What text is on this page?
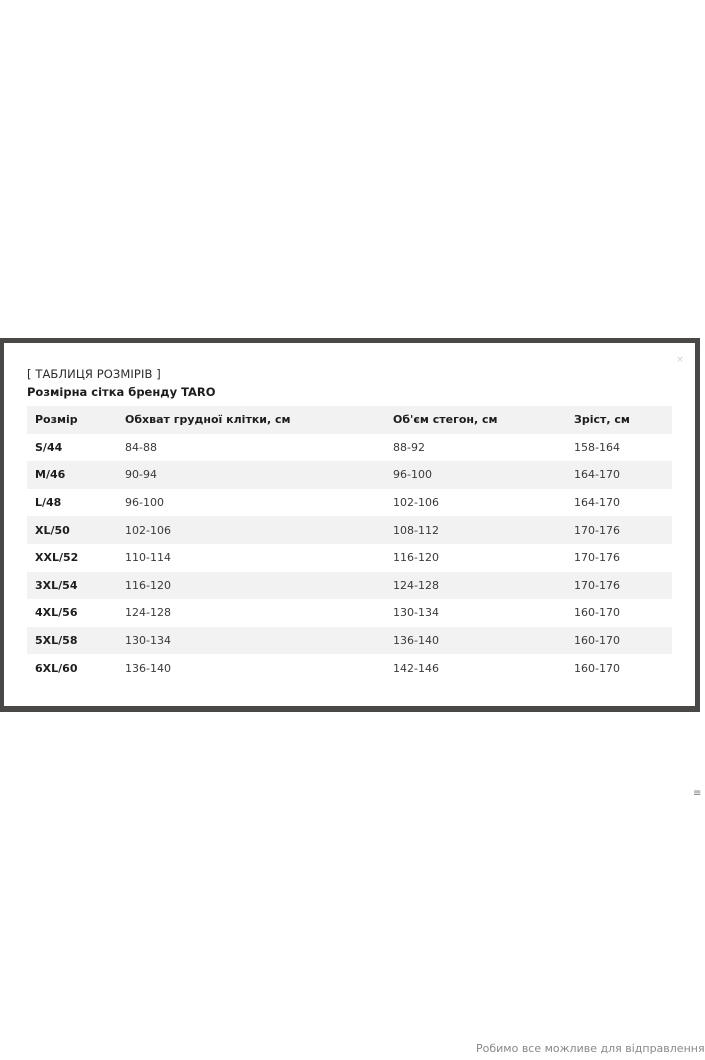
≡
Робимо все можливе для відправлення
×
[ ТАБЛИЦЯ РОЗМІРІВ ]
Розмірна сітка бренду TARO
Розмір	Обхват грудної клітки, см	Об'єм стегон, см	Зріст, см
S/44	84-88	88-92	158-164
M/46	90-94	96-100	164-170
L/48	96-100	102-106	164-170
XL/50	102-106	108-112	170-176
XXL/52	110-114	116-120	170-176
3XL/54	116-120	124-128	170-176
4XL/56	124-128	130-134	160-170
5XL/58	130-134	136-140	160-170
6XL/60	136-140	142-146	160-170
